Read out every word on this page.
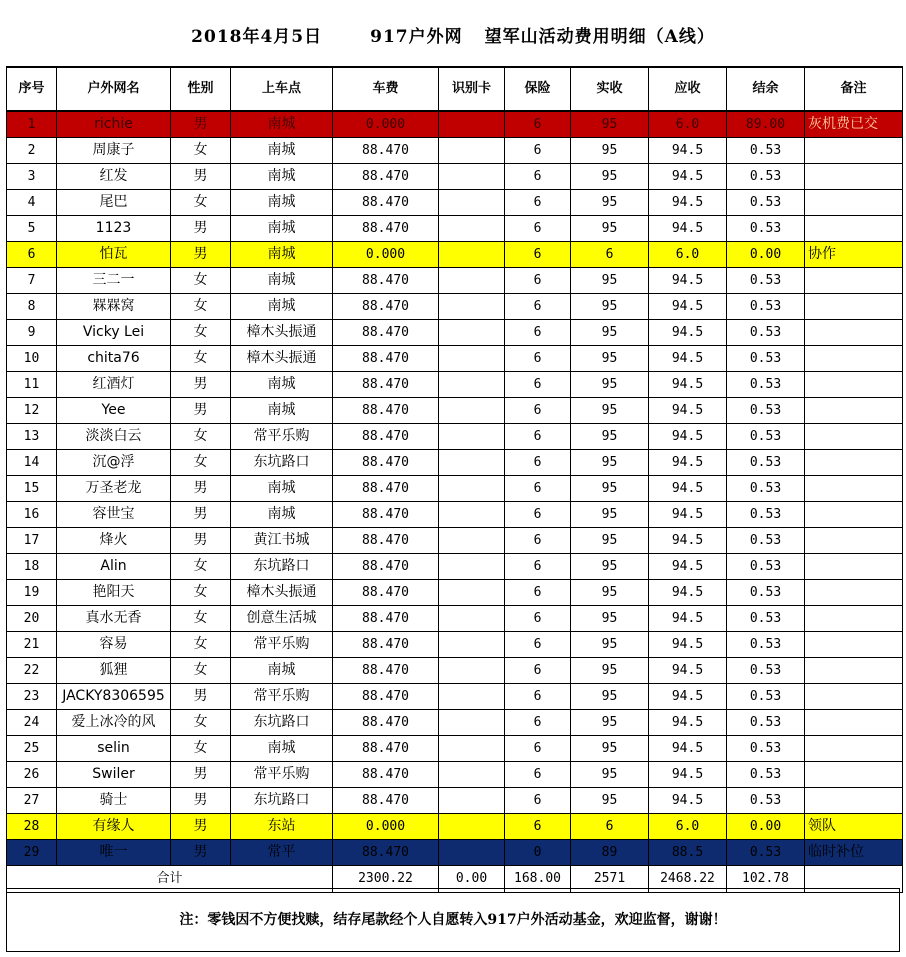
2018年4月5日	917户外网 望军山活动费用明细（A线）
序号	户外网名	性别	上车点	车费	识别卡	保险	实收	应收	结余	备注
1	richie	男	南城	0.000		6	95	6.0	89.00	灰机费已交
2	周康子	女	南城	88.470		6	95	94.5	0.53	
3	红发	男	南城	88.470		6	95	94.5	0.53	
4	尾巴	女	南城	88.470		6	95	94.5	0.53	
5	1123	男	南城	88.470		6	95	94.5	0.53	
6	怕瓦	男	南城	0.000		6	6	6.0	0.00	协作
7	三二一	女	南城	88.470		6	95	94.5	0.53	
8	槑槑窝	女	南城	88.470		6	95	94.5	0.53	
9	Vicky Lei	女	樟木头振通	88.470		6	95	94.5	0.53	
10	chita76	女	樟木头振通	88.470		6	95	94.5	0.53	
11	红酒灯	男	南城	88.470		6	95	94.5	0.53	
12	Yee	男	南城	88.470		6	95	94.5	0.53	
13	淡淡白云	女	常平乐购	88.470		6	95	94.5	0.53	
14	沉@浮	女	东坑路口	88.470		6	95	94.5	0.53	
15	万圣老龙	男	南城	88.470		6	95	94.5	0.53	
16	容世宝	男	南城	88.470		6	95	94.5	0.53	
17	烽火	男	黄江书城	88.470		6	95	94.5	0.53	
18	Alin	女	东坑路口	88.470		6	95	94.5	0.53	
19	艳阳天	女	樟木头振通	88.470		6	95	94.5	0.53	
20	真水无香	女	创意生活城	88.470		6	95	94.5	0.53	
21	容易	女	常平乐购	88.470		6	95	94.5	0.53	
22	狐狸	女	南城	88.470		6	95	94.5	0.53	
23	JACKY8306595	男	常平乐购	88.470		6	95	94.5	0.53	
24	爱上冰冷的风	女	东坑路口	88.470		6	95	94.5	0.53	
25	selin	女	南城	88.470		6	95	94.5	0.53	
26	Swiler	男	常平乐购	88.470		6	95	94.5	0.53	
27	骑士	男	东坑路口	88.470		6	95	94.5	0.53	
28	有缘人	男	东站	0.000		6	6	6.0	0.00	领队
29	唯一	男	常平	88.470		0	89	88.5	0.53	临时补位
合计				2300.22	0.00	168.00	2571	2468.22	102.78	
注：零钱因不方便找赎，结存尾款经个人自愿转入917户外活动基金，欢迎监督，谢谢！
